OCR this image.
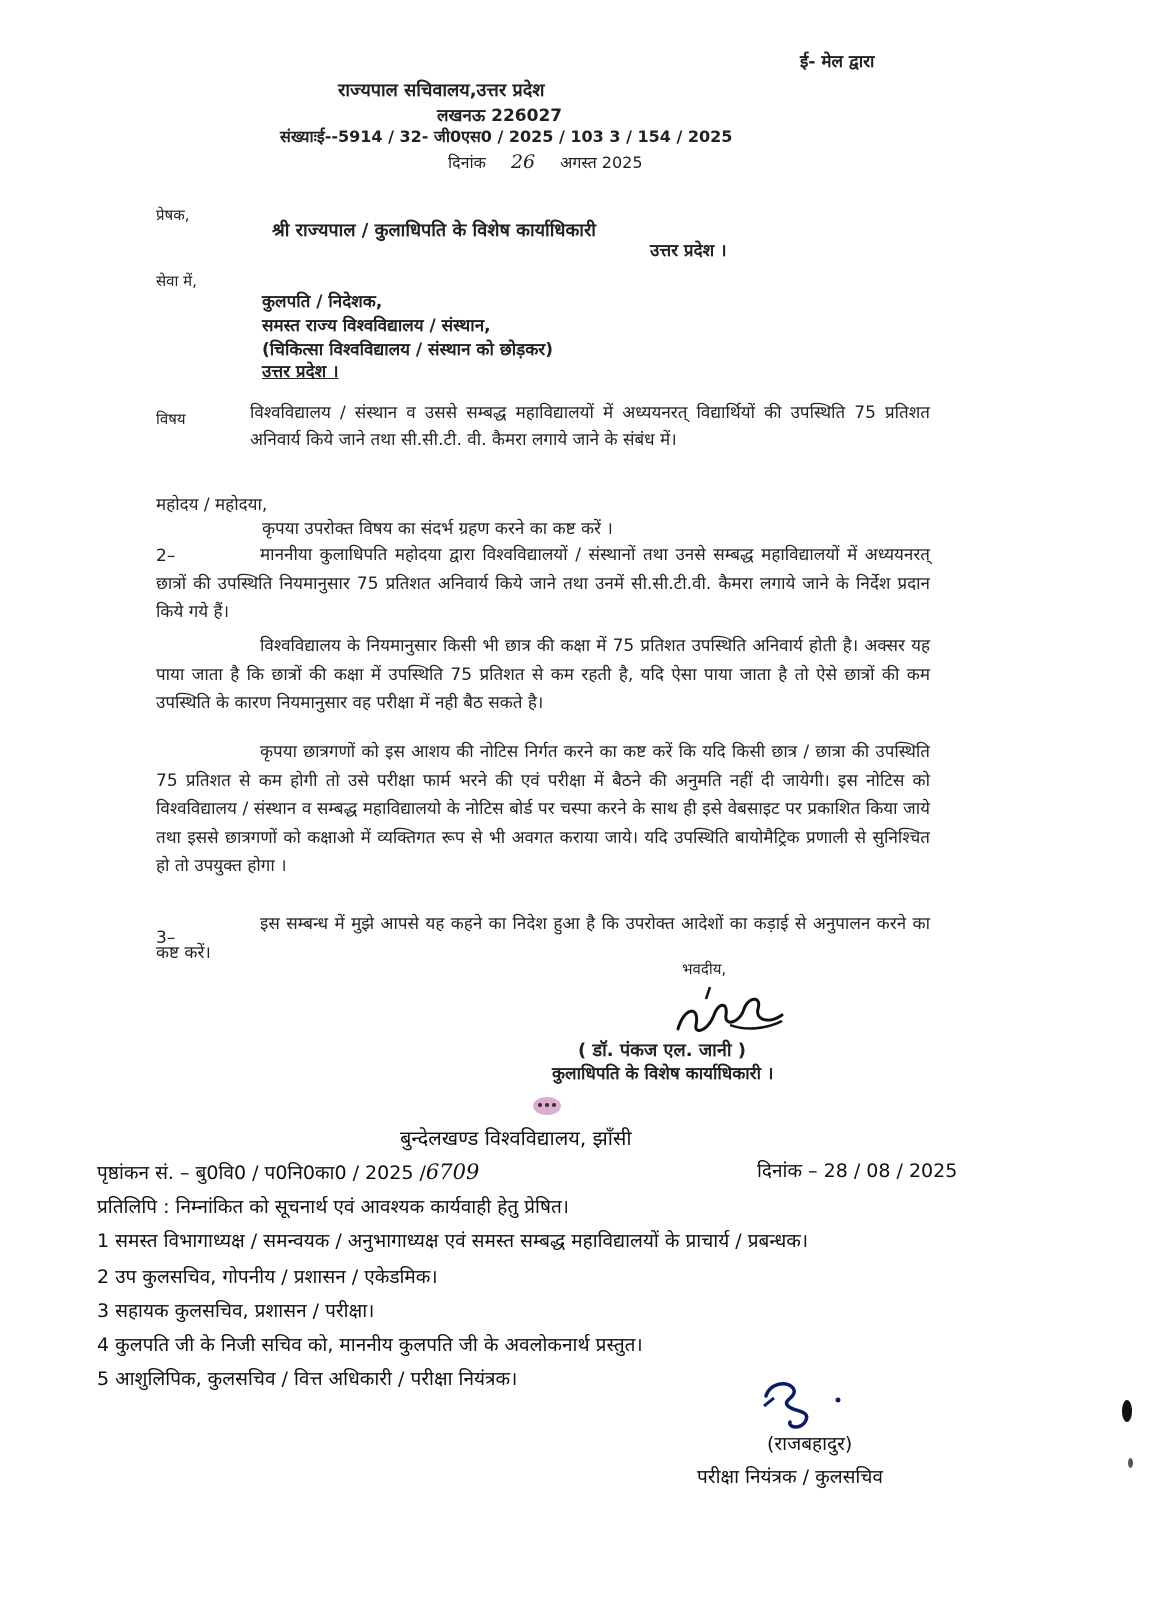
ई- मेल द्वारा
राज्यपाल सचिवालय,उत्तर प्रदेश
लखनऊ 226027
संख्याःई--5914 / 32- जी0एस0 / 2025 / 103 3 / 154 / 2025
दिनांक 26 अगस्त 2025
प्रेषक,
श्री राज्यपाल / कुलाधिपति के विशेष कार्याधिकारी
उत्तर प्रदेश ।
सेवा में,
कुलपति / निदेशक,
समस्त राज्य विश्वविद्यालय / संस्थान,
(चिकित्सा विश्वविद्यालय / संस्थान को छोड़कर)
उत्तर प्रदेश ।
विषय	विश्वविद्यालय / संस्थान व उससे सम्बद्ध महाविद्यालयों में अध्ययनरत् विद्यार्थियों की उपस्थिति 75 प्रतिशत अनिवार्य किये जाने तथा सी.सी.टी. वी. कैमरा लगाये जाने के संबंध में।
महोदय / महोदया,
कृपया उपरोक्त विषय का संदर्भ ग्रहण करने का कष्ट करें ।
2–	माननीया कुलाधिपति महोदया द्वारा विश्वविद्यालयों / संस्थानों तथा उनसे सम्बद्ध महाविद्यालयों में अध्ययनरत् छात्रों की उपस्थिति नियमानुसार 75 प्रतिशत अनिवार्य किये जाने तथा उनमें सी.सी.टी.वी. कैमरा लगाये जाने के निर्देश प्रदान किये गये हैं।
विश्वविद्यालय के नियमानुसार किसी भी छात्र की कक्षा में 75 प्रतिशत उपस्थिति अनिवार्य होती है। अक्सर यह पाया जाता है कि छात्रों की कक्षा में उपस्थिति 75 प्रतिशत से कम रहती है, यदि ऐसा पाया जाता है तो ऐसे छात्रों की कम उपस्थिति के कारण नियमानुसार वह परीक्षा में नही बैठ सकते है।
कृपया छात्रगणों को इस आशय की नोटिस निर्गत करने का कष्ट करें कि यदि किसी छात्र / छात्रा की उपस्थिति 75 प्रतिशत से कम होगी तो उसे परीक्षा फार्म भरने की एवं परीक्षा में बैठने की अनुमति नहीं दी जायेगी। इस नोटिस को विश्वविद्यालय / संस्थान व सम्बद्ध महाविद्यालयो के नोटिस बोर्ड पर चस्पा करने के साथ ही इसे वेबसाइट पर प्रकाशित किया जाये तथा इससे छात्रगणों को कक्षाओ में व्यक्तिगत रूप से भी अवगत कराया जाये। यदि उपस्थिति बायोमैट्रिक प्रणाली से सुनिश्चित हो तो उपयुक्त होगा ।
3–
इस सम्बन्ध में मुझे आपसे यह कहने का निदेश हुआ है कि उपरोक्त आदेशों का कड़ाई से अनुपालन करने का कष्ट करें।
भवदीय,
( डॉ. पंकज एल. जानी )
कुलाधिपति के विशेष कार्याधिकारी ।
बुन्देलखण्ड विश्वविद्यालय, झाँसी
पृष्ठांकन सं. – बु0वि0 / प0नि0का0 / 2025 /6709	दिनांक – 28 / 08 / 2025
प्रतिलिपि : निम्नांकित को सूचनार्थ एवं आवश्यक कार्यवाही हेतु प्रेषित।
1 समस्त विभागाध्यक्ष / समन्वयक / अनुभागाध्यक्ष एवं समस्त सम्बद्ध महाविद्यालयों के प्राचार्य / प्रबन्धक।
2 उप कुलसचिव, गोपनीय / प्रशासन / एकेडमिक।
3 सहायक कुलसचिव, प्रशासन / परीक्षा।
4 कुलपति जी के निजी सचिव को, माननीय कुलपति जी के अवलोकनार्थ प्रस्तुत।
5 आशुलिपिक, कुलसचिव / वित्त अधिकारी / परीक्षा नियंत्रक।
(राजबहादुर)
परीक्षा नियंत्रक / कुलसचिव
